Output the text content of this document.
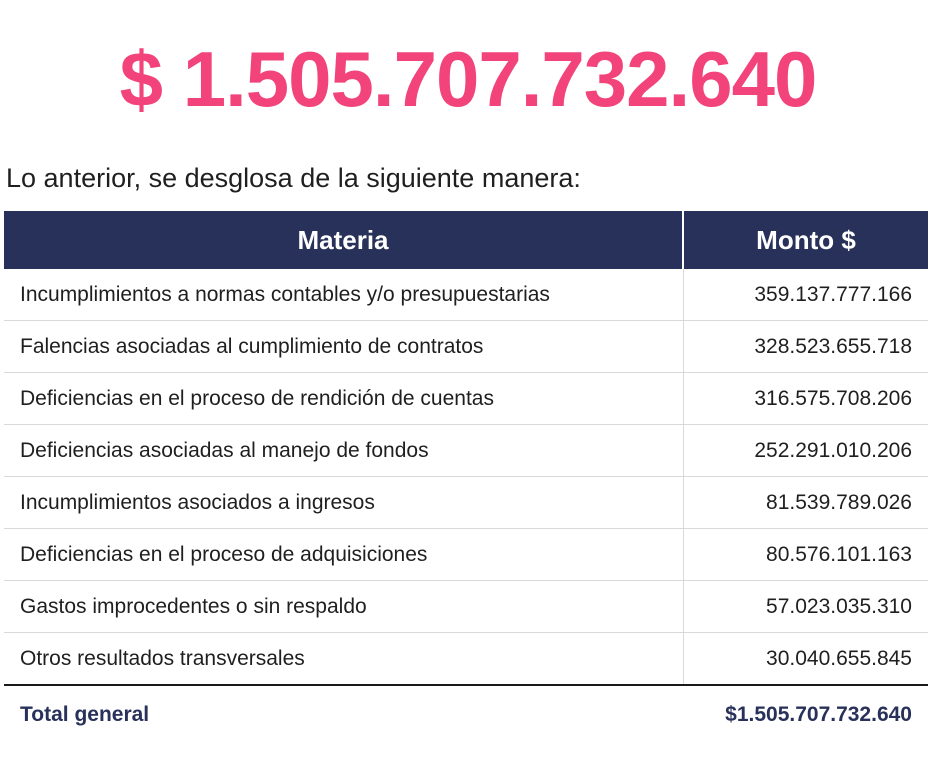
$ 1.505.707.732.640
Lo anterior, se desglosa de la siguiente manera:
Materia	Monto $
Incumplimientos a normas contables y/o presupuestarias	359.137.777.166
Falencias asociadas al cumplimiento de contratos	328.523.655.718
Deficiencias en el proceso de rendición de cuentas	316.575.708.206
Deficiencias asociadas al manejo de fondos	252.291.010.206
Incumplimientos asociados a ingresos	81.539.789.026
Deficiencias en el proceso de adquisiciones	80.576.101.163
Gastos improcedentes o sin respaldo	57.023.035.310
Otros resultados transversales	30.040.655.845
Total general	$1.505.707.732.640
